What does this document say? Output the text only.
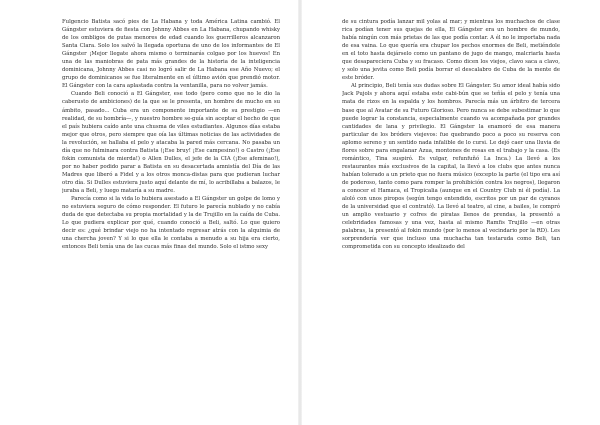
Fulgencio Batista sacó pies de La Habana y toda América Latina cambió. El Gángster estuviera de fiesta con Johnny Abbes en La Habana, chupando whisky de los ombligos de putas menores de edad cuando los guerrilleros alcanzaron Santa Clara. Solo los salvó la llegada oportuna de uno de los informantes de El Gángster ¡Mejor llegate ahora mismo o terminarás colgao por los huevos! En una de las maniobras de pata más grandes de la historia de la inteligencia dominicana, Johnny Abbes casi no logró salir de La Habana ese Año Nuevo; el grupo de dominicanos se fue literalmente en el último avión que prendió motor. El Gángster con la cara aplastada contra la ventanilla, para no volver jamás.

Cuando Beli conoció a El Gángster, ese todo (pero como que no le dio la caberusto de ambiciones) de la que se le presenta, un hombre de mucho en su ámbito, pasado... Cuba era un componente importante de su prestigio —en realidad, de su hombría—, y nuestro hombre se-guía sin aceptar el hecho de que el país hubiera caído ante una chusma de viles estudiantes. Algunos días estaba mejor que otros, pero siempre que oía las últimas noticias de las actividades de la revolución, se hallaba el pelo y atacaba la pared más cercana. No pasaba un día que no fulminara contra Batista (¡Ese bruy! ¡Ese campesino!) o Castro (¡Ese fokin comunista de mierda!) o Allen Dulles, el jefe de la CIA (¡Ese afeminao!), por no haber podido parar a Batista en su desacertada amnistía del Día de las Madres que liberó a Fidel y a los otros monca-distas para que pudieran luchar otro día. Si Dulles estuviera justo aquí delante de mí, lo acribillaba a balazos, le juraba a Beli, y luego mataría a su madre.

Parecía como si la vida lo hubiera asestado a El Gángster un golpe de lomo y no estuviera seguro de cómo responder. El futuro le parecía nublado y no cabía duda de que detectaba su propia mortalidad y la de Trujillo en la caída de Cuba. Lo que pudiera explicar por qué, cuando conoció a Beli, saltó. Lo que quiero decir es: ¿qué brindar viejo no ha intentado regresar atrás con la alquimia de una chercha joven? Y si lo que ella le contaba a menudo a su hija era cierto, entonces Beli tenía una de las cucas más finas del mundo. Solo el istmo sexy

de su cintura podía lanzar mil yolas al mar; y mientras los muchachos de clase rica podían tener sus quejas de ella, El Gángster era un hombre de mundo, había ningún con más prietas de las que podía contar. A él no le importaba nada de esa vaina. Lo que quería era chupar los pechos enormes de Beli, metiéndole en el toto hasta dejárselo como un pantano de jugo de mango, malcriarla hasta que desapareciera Cuba y su fracaso. Como dicen los viejos, clavo saca a clavo, y solo una jevita como Beli podía borrar el descalabro de Cuba de la mente de este bróder.

Al principio, Beli tenía sus dudas sobre El Gángster. Su amor ideal había sido Jack Pujols y ahora aquí estaba este cabi-bún que se teñía el pelo y tenía una mata de rizos en la espalda y los hombros. Parecía más un árbitro de tercera base que al Avatar de su Futuro Glorioso. Pero nunca se debe subestimar lo que puede lograr la constancia, especialmente cuando va acompañada por grandes cantidades de lana y privilegio. El Gángster la enamoró de esa manera particular de los bróders viejevos: fue quebrando poco a poco su reserva con aplomo sereno y un sentido nada infalible de lo cursi. Le dejó caer una lluvia de flores sobre para engalanar Azua, montones de rosas en el trabajo y la casa. (Es romántico, Tina suspiró. Es vulgar, refunfuñó La Inca.) La llevó a los restaurantes más exclusivos de la capital, la llevó a los clubs que antes nunca habían tolerado a un prieto que no fuera músico (excepto la parte (el tipo era así de poderoso, tanto como para romper la prohibición contra los negros), llegaron a conocer el Hamaca, el Tropicalia (aunque en el Country Club ni él podía). La aloló con unos piropos (según tengo entendido, escritos por un par de cyranos de la universidad que el contrató). La llevó al teatro, al cine, a bailes, le compró un amplio vestuario y cofres de piratas llenos de prendas, la presentó a celebridades famosas y una vez, hasta al mismo Ramfis Trujillo —en otras palabras, la presentó al fokin mundo (por lo menos al vecindario por la RD). Les sorprendería ver que incluso una muchacha tan testaruda como Beli, tan comprometida con su concepto idealizado del
